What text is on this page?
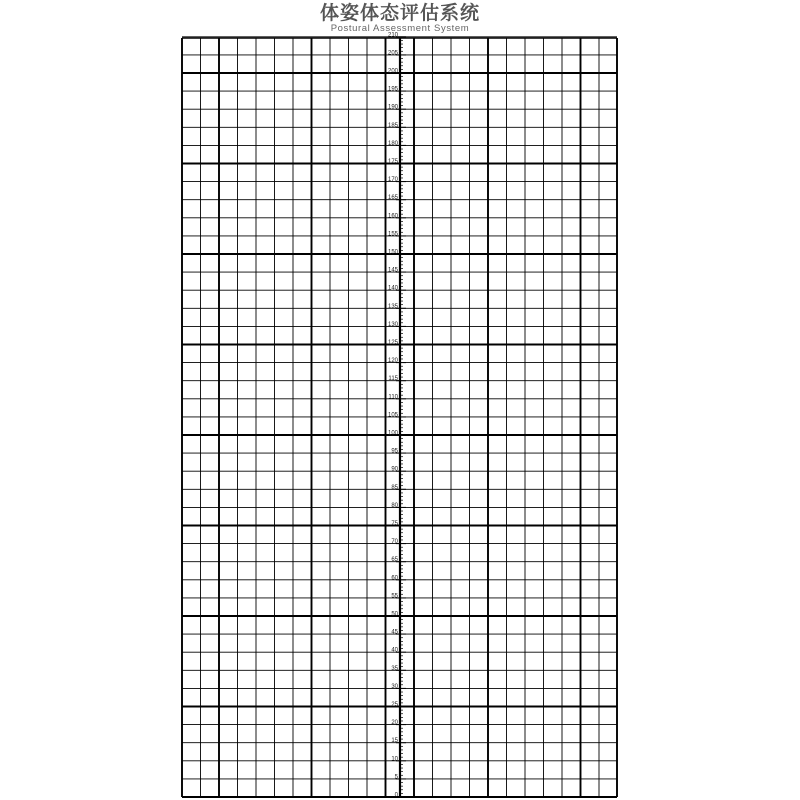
体姿体态评估系统
Postural Assessment System
0
5
10
15
20
25
30
35
40
45
50
55
60
65
70
75
80
85
90
95
100
105
110
115
120
125
130
135
140
145
150
155
160
165
170
175
180
185
190
195
200
205
210
